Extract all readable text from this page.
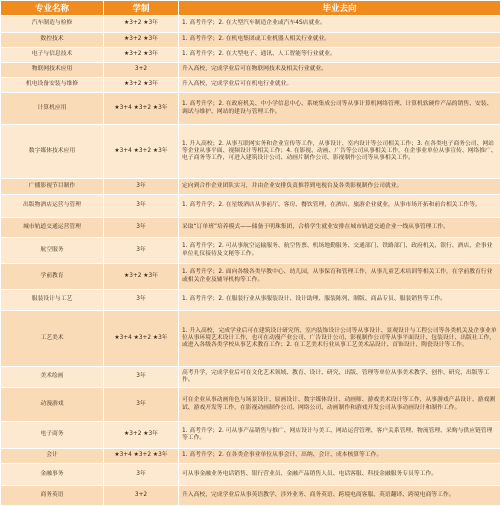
专业名称	学制	毕业去向
汽车制造与检修	★3+2 ★3年	1. 高考升学；2. 在大型汽车制造企业或汽车4S店就业。
数控技术	★3+2 ★3年	1. 高考升学；2. 在机电集团或工业机器人相关行业就业。
电子与信息技术	★3+2 ★3年	1. 高考升学；2. 在大型电子、通讯、人工智能等行业就业。
物联网技术应用	3+2	升入高校，完成学业后可在物联网技术及相关行业就业。
机电设备安装与维修	★3+2 ★3年	升入高校，完成学业后可在机电行业就业。
计算机应用	★3+4 ★3+2 ★3年	1. 高考升学；2. 在政府机关、中小学信息中心、系统集成公司等从事计算机网络管理、计算机软硬件产品的销售、安装、调试与维护、网站的建设与管理工作。
数字媒体技术应用	★3+4 ★3+2 ★3年	1. 升入高校；2. 从事互联网实务和企业宣传等工作，从事设计、室内设计等公司相关工作；3. 在各类电子商务公司、网站等企业从事平面、视频设计等相关工作；4. 在影视、动画、广告等公司从事相关工作，在企事业单位从事宣传、网络推广、电子商务等工作，可进入建筑设计公司、动画片制作公司、影视制作公司等从事相关工作。
广播影视节目制作	3年	定向到合作企业团队实习，并由企业安排负责推荐到电视台及各类影视制作公司就业。
出版物酒店运营与管理	3年	1. 高考升学；2. 在星级酒店从事前厅、客房、餐饮管理，在酒店、旅游企业就业，从事市场开拓和前台相关工作等。
城市轨道交通运营管理	3年	采取“订单班”培养模式——储备于明珠集团，合格学生就业安排在城市轨道交通企业一线从事管理工作。
航空服务	3年	1. 高考升学；2. 可从事航空运输服务、航空售票、机场地勤服务、交通部门、铁路部门、政府机关、银行、酒店、企事业单位礼仪接待及文秘等工作。
学前教育	★3+2 ★3年	1. 高考升学；2. 面向各级各类早教中心、幼儿园，从事保育和管理工作，从事儿童艺术培训等相关工作，在学前教育行业或相关企业及辅导机构等工作。
服装设计与工艺	3年	1. 高考升学；2. 在服装行业从事服装设计、设计助理、服装陈列、制版、商品专员、服装销售等工作。
工艺美术	★3+4 ★3+2 ★3年	1. 升入高校，完成学业后可在建筑设计研究所、室内装饰设计公司等从事设计、景观设计与工程公司等各类机关及企事业单位从事环境艺术设计工作，也可在动漫产业公司、广告设计公司、影视制作公司等从事平面设计、包装设计、出版社工作，或进入各级各类学校从事艺术教育工作；2. 在工艺美术行业从事工艺美术品设计、首饰设计、陶瓷设计等工作。
美术绘画	3年	高考升学，完成学业后可在文化艺术领域、教育、设计、研究、出版、管理等单位从事美术教学、创作、研究、出版等工作。
动漫游戏	3年	可在企业从事动画角色与场景设计、原画设计、数字媒体设计、动画师、游戏美术设计等工作，从事游戏产品设计、游戏测试、游戏开发等工作，在影视动画制作公司、网络公司、动画制作和游戏开发公司从事动画设计和制作工作。
电子商务	★3+2 ★3年	1. 高考升学；2. 可从事产品销售与推广、网店设计与美工、网站运营管理、客户关系管理、物流管理、采购与供应链管理等工作。
会计	★3+4 ★3+2 ★3年	1. 高考升学；2. 在各类企事业单位从事会计、出纳、会计、成本核算等工作。
金融事务	3年	可从事金融业务电话销售、银行营业员、金融产品销售人员、电话客服、科技金融服务专员等工作。
商务英语	3+2	升入高校，完成学业后从事英语教学、涉外业务、商务英语、跨境电商客服、英语翻译、跨境电商等工作。
